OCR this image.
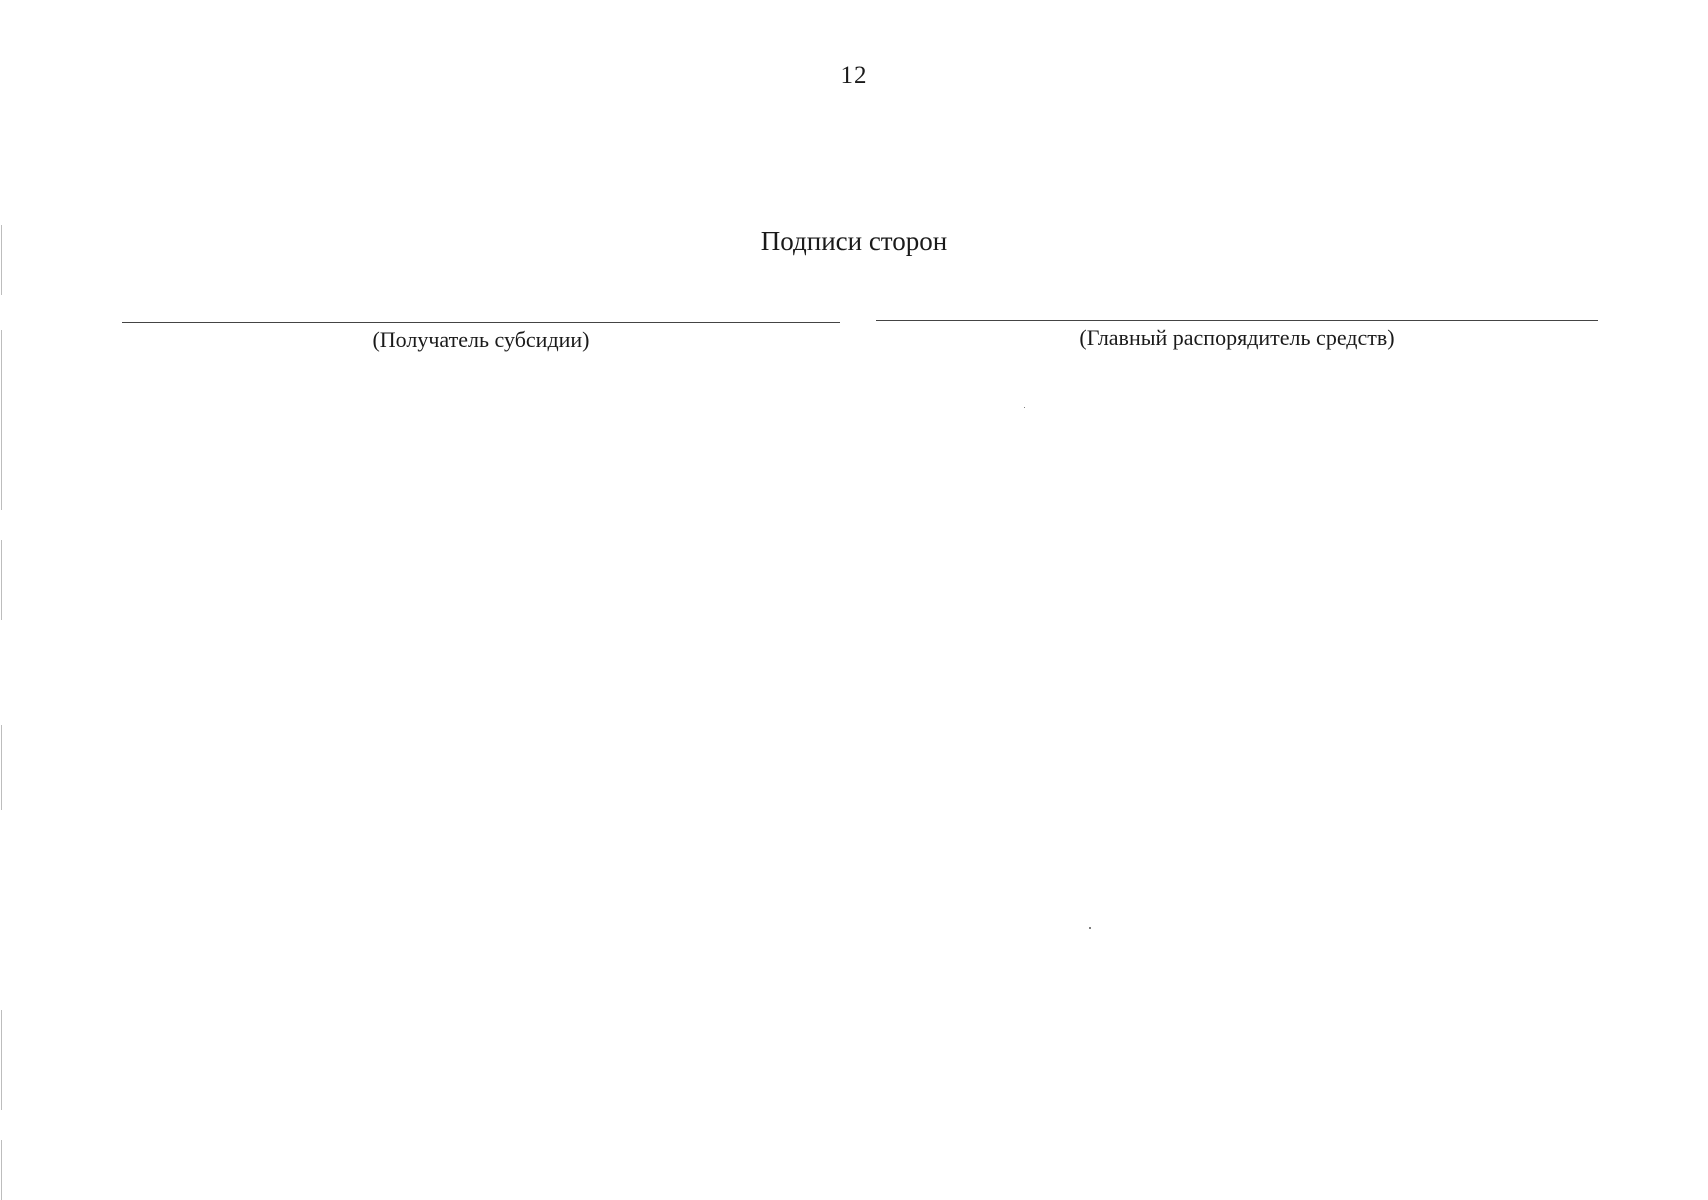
12
Подписи сторон
(Получатель субсидии)	(Главный распорядитель средств)
